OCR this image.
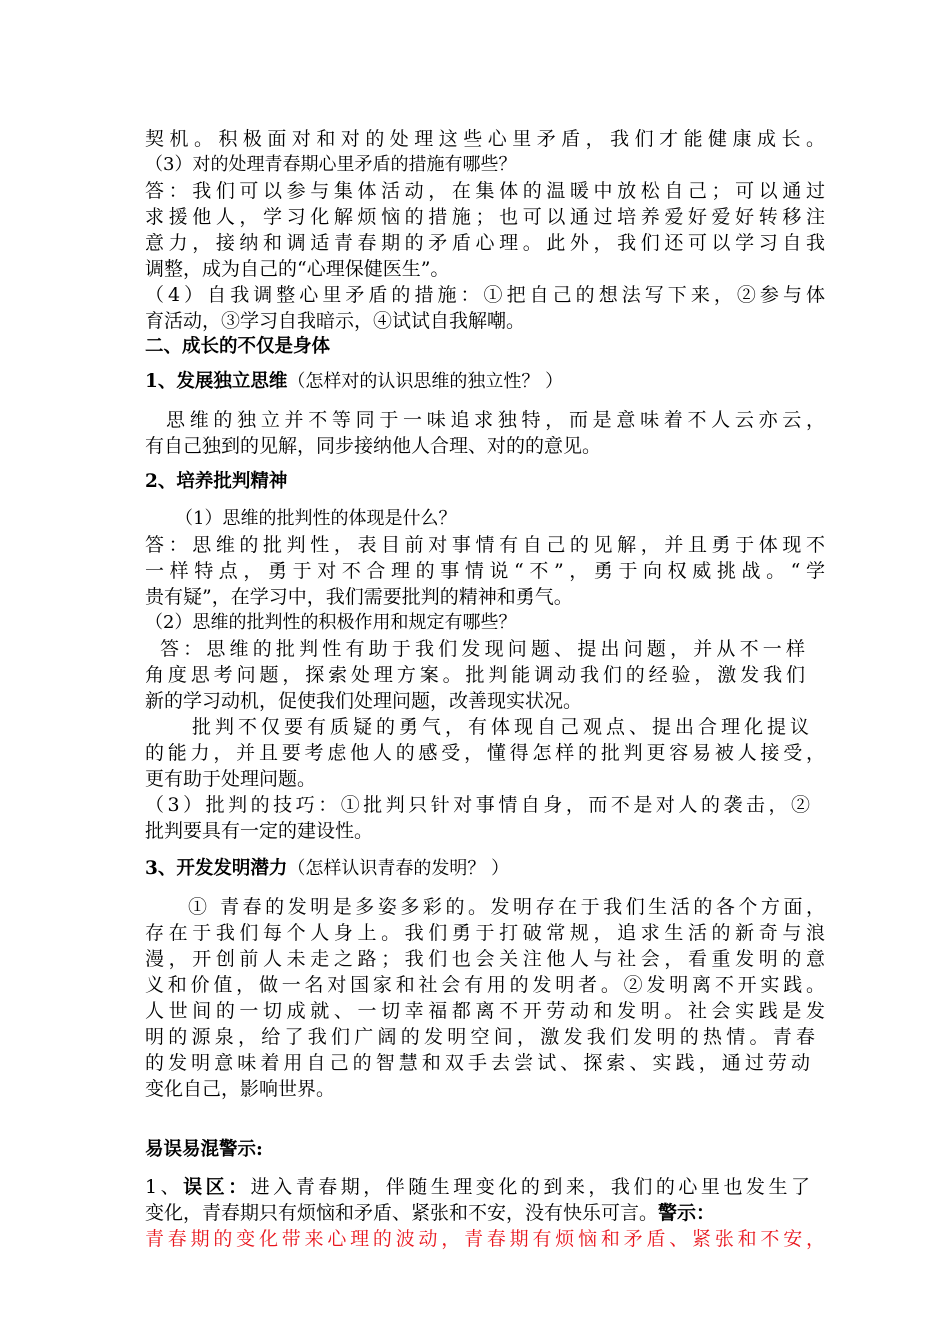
契机。积极面对和对的处理这些心里矛盾，我们才能健康成长。
（3）对的处理青春期心里矛盾的措施有哪些？
答：我们可以参与集体活动，在集体的温暖中放松自己；可以通过
求援他人，学习化解烦恼的措施；也可以通过培养爱好爱好转移注
意力，接纳和调适青春期的矛盾心理。此外，我们还可以学习自我
调整，成为自己的“心理保健医生”。
（4）自我调整心里矛盾的措施：①把自己的想法写下来，②参与体
育活动，③学习自我暗示，④试试自我解嘲。
二、成长的不仅是身体
1、发展独立思维（怎样对的认识思维的独立性？ ）
思维的独立并不等同于一味追求独特，而是意味着不人云亦云，
有自己独到的见解，同步接纳他人合理、对的的意见。
2、培养批判精神
（1）思维的批判性的体现是什么？
答：思维的批判性，表目前对事情有自己的见解，并且勇于体现不
一样特点，勇于对不合理的事情说“不”，勇于向权威挑战。“学
贵有疑”，在学习中，我们需要批判的精神和勇气。
（2）思维的批判性的积极作用和规定有哪些？
答：思维的批判性有助于我们发现问题、提出问题，并从不一样
角度思考问题，探索处理方案。批判能调动我们的经验，激发我们
新的学习动机，促使我们处理问题，改善现实状况。
批判不仅要有质疑的勇气，有体现自己观点、提出合理化提议
的能力，并且要考虑他人的感受，懂得怎样的批判更容易被人接受，
更有助于处理问题。
（3）批判的技巧：①批判只针对事情自身，而不是对人的袭击，②
批判要具有一定的建设性。
3、开发发明潜力（怎样认识青春的发明？ ）
① 青春的发明是多姿多彩的。发明存在于我们生活的各个方面，
存在于我们每个人身上。我们勇于打破常规，追求生活的新奇与浪
漫，开创前人未走之路；我们也会关注他人与社会，看重发明的意
义和价值，做一名对国家和社会有用的发明者。②发明离不开实践。
人世间的一切成就、一切幸福都离不开劳动和发明。社会实践是发
明的源泉，给了我们广阔的发明空间，激发我们发明的热情。青春
的发明意味着用自己的智慧和双手去尝试、探索、实践，通过劳动
变化自己，影响世界。
易误易混警示:
1、误区：进入青春期，伴随生理变化的到来，我们的心里也发生了
变化，青春期只有烦恼和矛盾、紧张和不安，没有快乐可言。警示：
青春期的变化带来心理的波动，青春期有烦恼和矛盾、紧张和不安，
